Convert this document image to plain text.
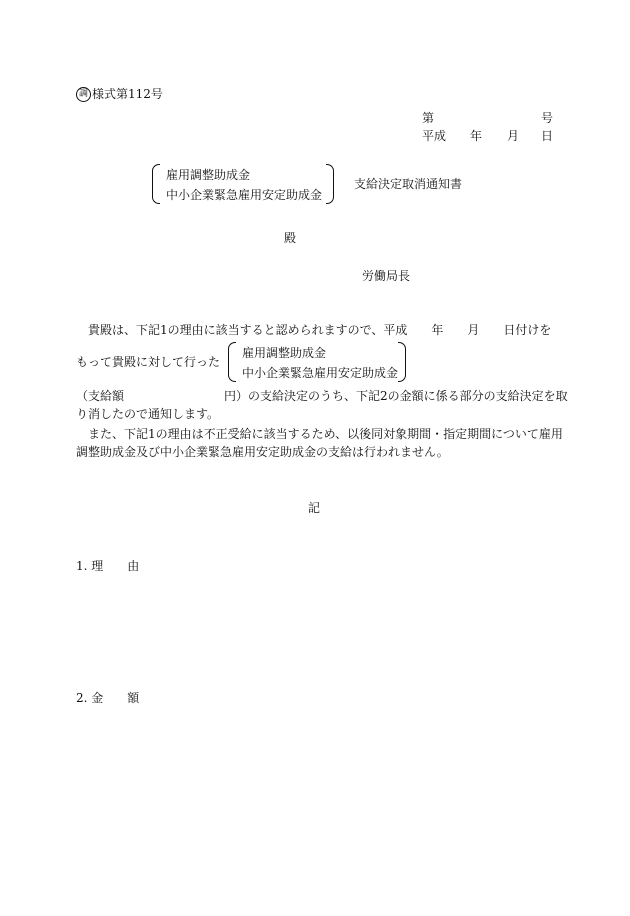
調 様式第112号
第	号
平成 年 月 日
雇用調整助成金
中小企業緊急雇用安定助成金
支給決定取消通知書
殿
労働局長
貴殿は、下記1の理由に該当すると認められますので、平成　　年　　月　　日付けを
もって貴殿に対して行った
雇用調整助成金
中小企業緊急雇用安定助成金
（支給額	円）の支給決定のうち、下記2の金額に係る部分の支給決定を取
り消したので通知します。
また、下記1の理由は不正受給に該当するため、以後同対象期間・指定期間について雇用
調整助成金及び中小企業緊急雇用安定助成金の支給は行われません。
記
1. 理　　由
2. 金　　額
